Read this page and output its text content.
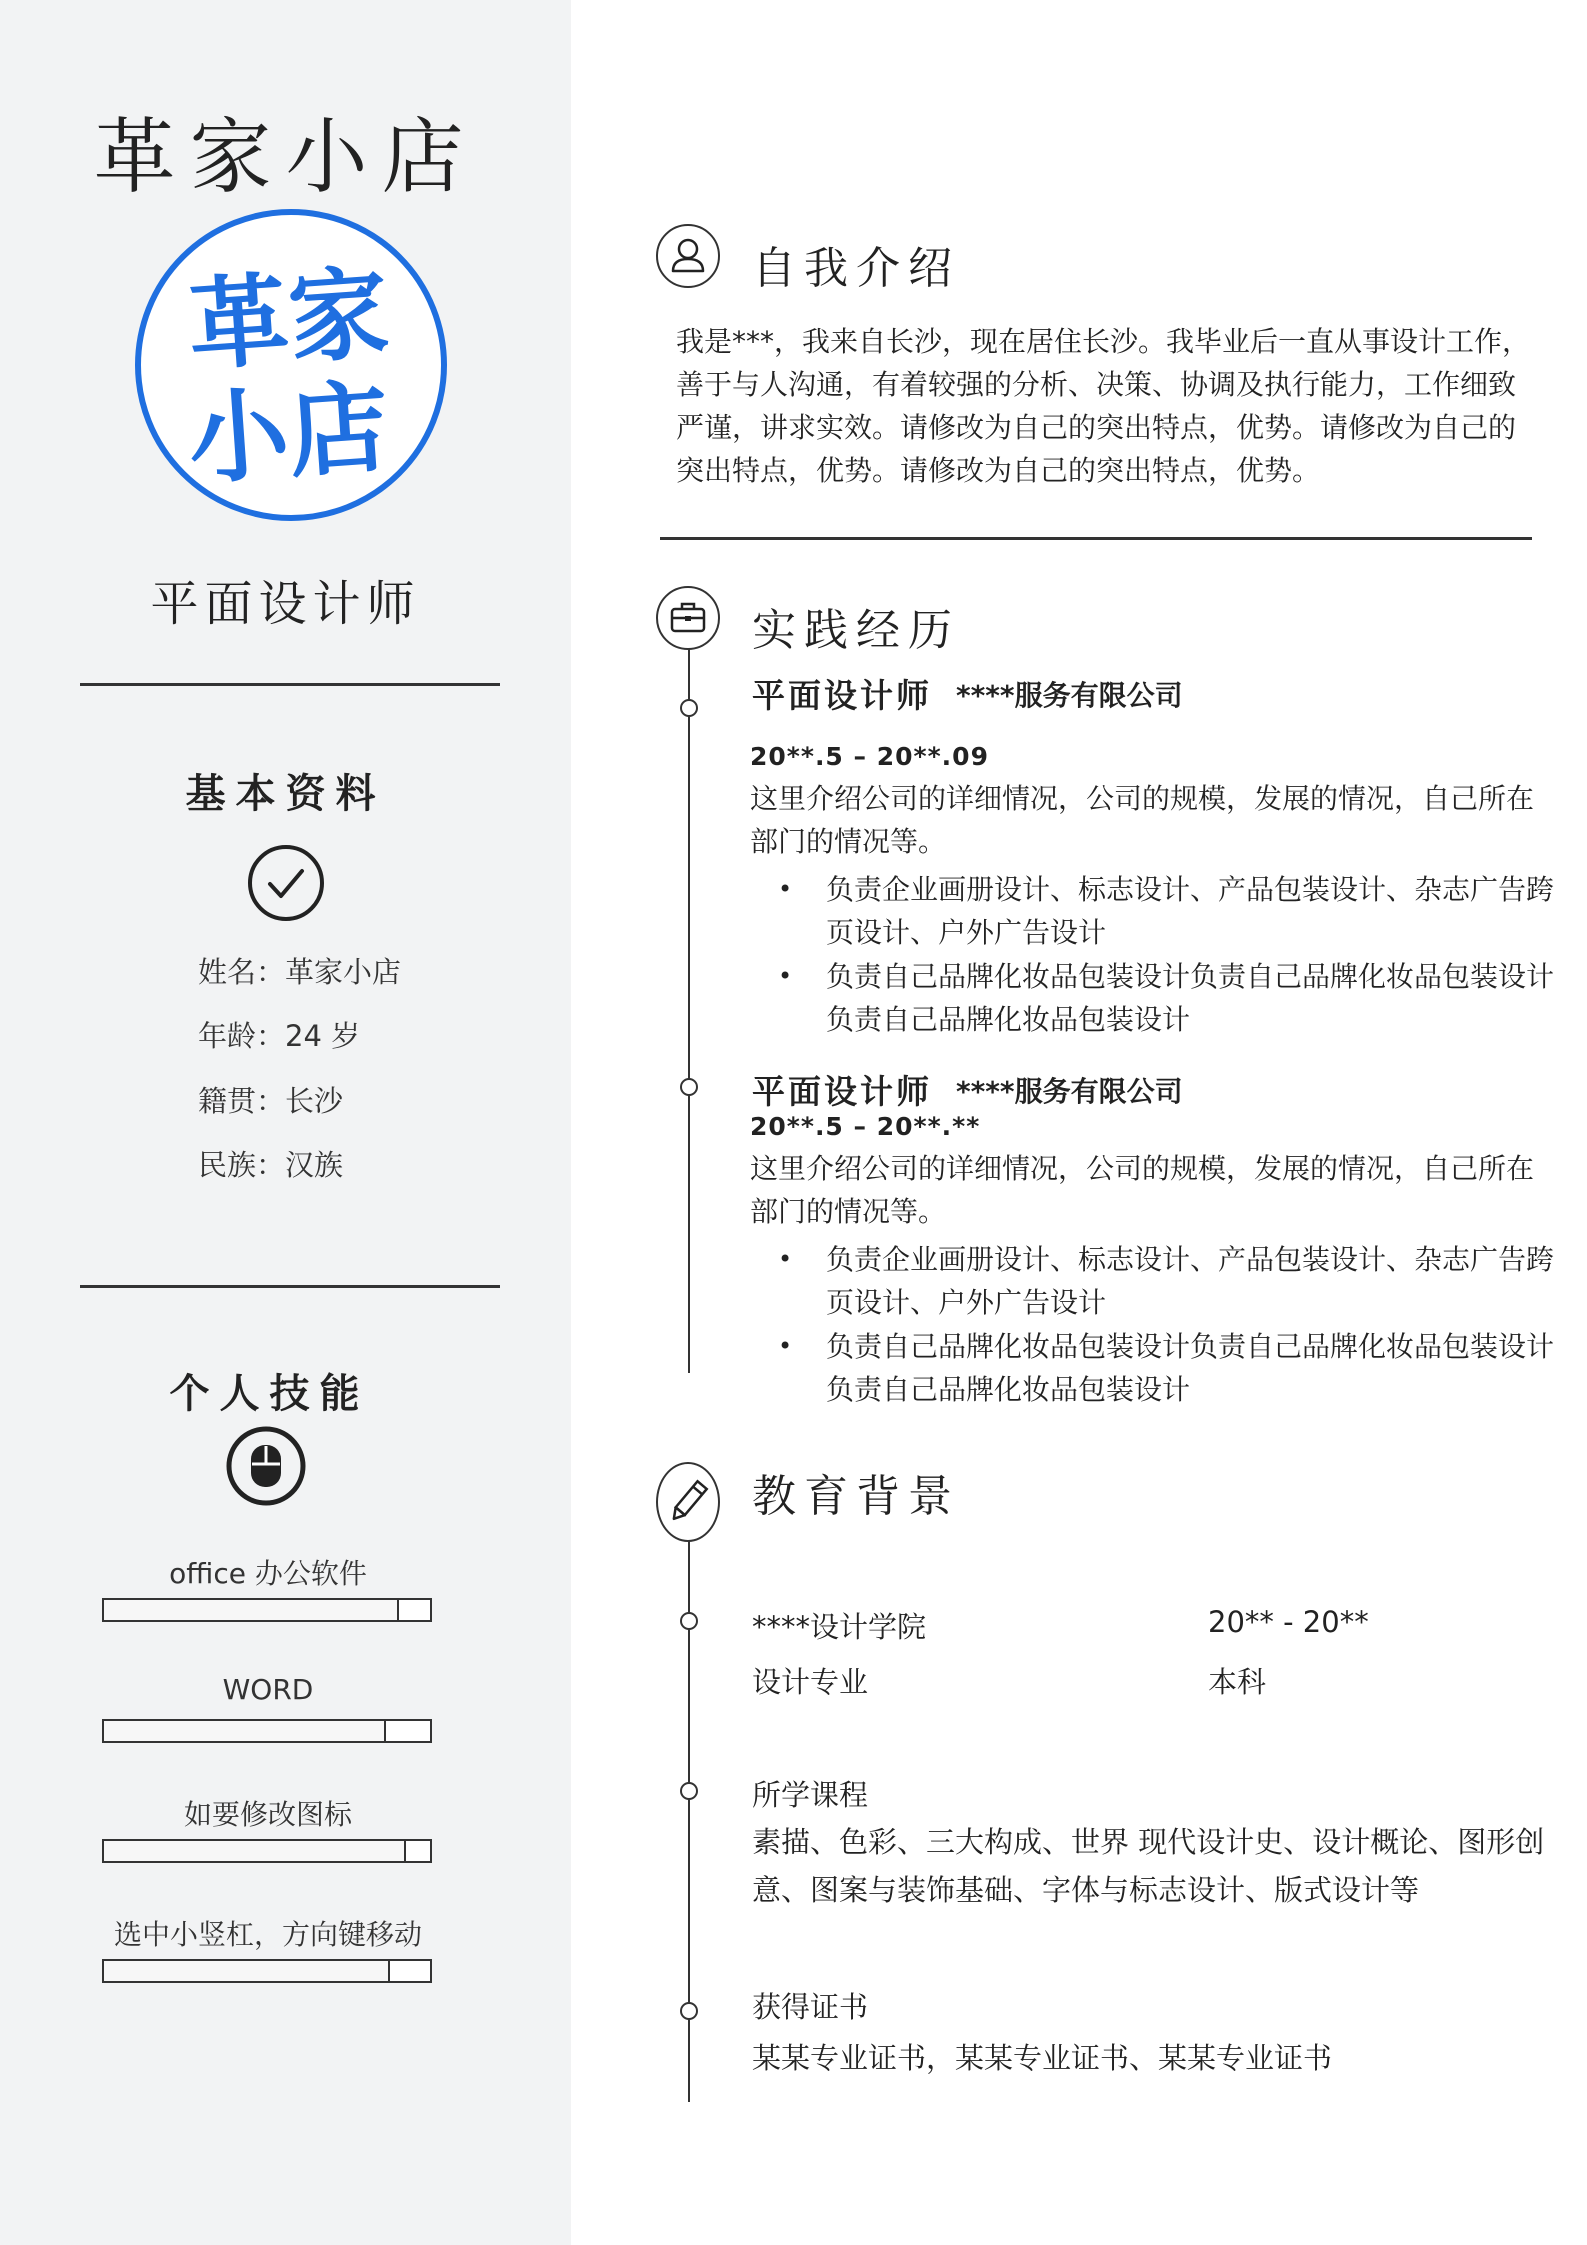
革家小店
革家
小店
平面设计师
基本资料
姓名：革家小店
年龄：24 岁
籍贯：长沙
民族：汉族
个人技能
office 办公软件
WORD
如要修改图标
选中小竖杠，方向键移动
自我介绍
我是***，我来自长沙，现在居住长沙。我毕业后一直从事设计工作，
善于与人沟通，有着较强的分析、决策、协调及执行能力，工作细致
严谨，讲求实效。请修改为自己的突出特点，优势。请修改为自己的
突出特点，优势。请修改为自己的突出特点，优势。
实践经历
平面设计师 ****服务有限公司
20**.5 – 20**.09
这里介绍公司的详细情况，公司的规模，发展的情况，自己所在
部门的情况等。
• 负责企业画册设计、标志设计、产品包装设计、杂志广告跨
页设计、户外广告设计
• 负责自己品牌化妆品包装设计负责自己品牌化妆品包装设计
负责自己品牌化妆品包装设计
平面设计师 ****服务有限公司
20**.5 – 20**.**
这里介绍公司的详细情况，公司的规模，发展的情况，自己所在
部门的情况等。
• 负责企业画册设计、标志设计、产品包装设计、杂志广告跨
页设计、户外广告设计
• 负责自己品牌化妆品包装设计负责自己品牌化妆品包装设计
负责自己品牌化妆品包装设计
教育背景
****设计学院	20** - 20**
设计专业	本科
所学课程
素描、色彩、三大构成、世界 现代设计史、设计概论、图形创
意、图案与装饰基础、字体与标志设计、版式设计等
获得证书
某某专业证书，某某专业证书、某某专业证书
